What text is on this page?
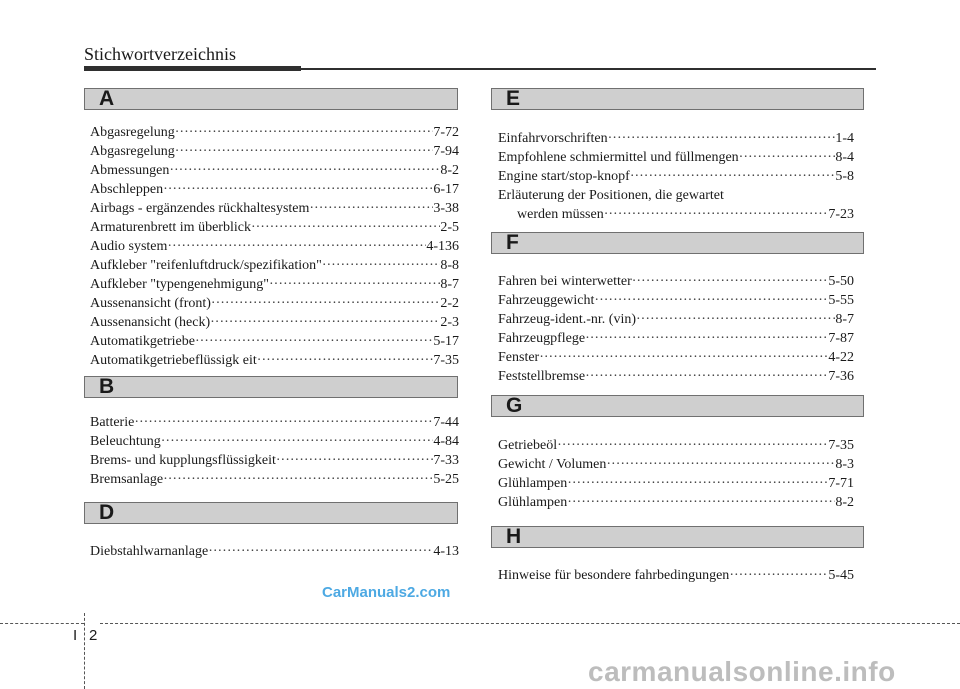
Stichwortverzeichnis
A
Abgasregelung ·····	7-72
Abgasregelung ·····	7-94
Abmessungen ·····	8-2
Abschleppen ·····	6-17
Airbags - ergänzendes rückhaltesystem ·····	3-38
Armaturenbrett im überblick ·····	2-5
Audio system ·····	4-136
Aufkleber "reifenluftdruck/spezifikation" ·····	8-8
Aufkleber "typengenehmigung" ·····	8-7
Aussenansicht (front) ·····	2-2
Aussenansicht (heck) ·····	2-3
Automatikgetriebe ·····	5-17
Automatikgetriebeflüssigk eit ·····	7-35
B
Batterie ·····	7-44
Beleuchtung ·····	4-84
Brems- und kupplungsflüssigkeit ·····	7-33
Bremsanlage ·····	5-25
D
Diebstahlwarnanlage ·····	4-13
E
Einfahrvorschriften ·····	1-4
Empfohlene schmiermittel und füllmengen ·····	8-4
Engine start/stop-knopf ·····	5-8
Erläuterung der Positionen, die gewartet
werden müssen ·····	7-23
F
Fahren bei winterwetter ·····	5-50
Fahrzeuggewicht ·····	5-55
Fahrzeug-ident.-nr. (vin) ·····	8-7
Fahrzeugpflege ·····	7-87
Fenster ·····	4-22
Feststellbremse ·····	7-36
G
Getriebeöl ·····	7-35
Gewicht / Volumen ·····	8-3
Glühlampen ·····	7-71
Glühlampen ·····	8-2
H
Hinweise für besondere fahrbedingungen ·····	5-45
CarManuals2.com
carmanualsonline.info
I 2
